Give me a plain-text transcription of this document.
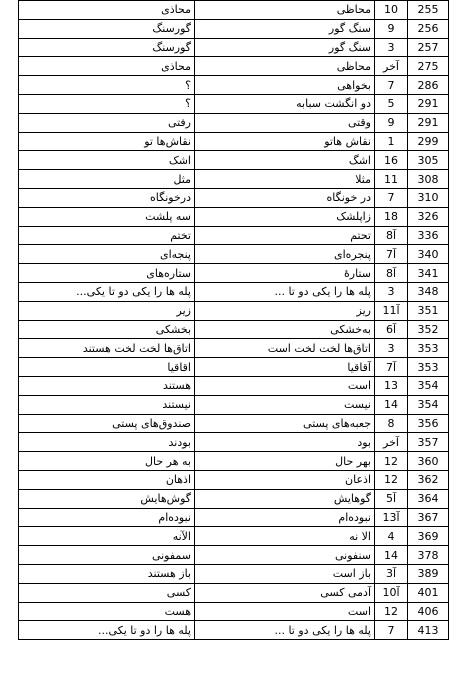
محاذی	محاظی	10	255
گورسنگ	سنگ گور	9	256
گورسنگ	سنگ گور	3	257
محاذی	محاظی	آخر	275
؟	بخواهی	7	286
؟	دو انگشت سبابه	5	291
رفتی	وقتی	9	291
نقاش‌ها تو	نقاش هاتو	1	299
اشک	اشگ	16	305
مثل	مثلا	11	308
درخونگاه	در خونگاه	7	310
سه پلشت	زاپلشک	18	326
تختم	تحتم	8آ	336
پنجه‌ای	پنجره‌ای	7آ	340
ستاره‌های	ستارۀ	8آ	341
پله ها را یکی دو تا یکی...	پله ها را یکی دو تا ...	3	348
زیر	ریز	11آ	351
بخشکی	به‌خشکی	6آ	352
اتاق‌ها لخت لخت هستند	اتاق‌ها لخت لخت است	3	353
اقاقیا	آقاقیا	7آ	353
هستند	است	13	354
نیستند	نیست	14	354
صندوق‌های پستی	جعبه‌های پستی	8	356
بودند	بود	آخر	357
به هر حال	بهر حال	12	360
اذهان	اذعان	12	362
گوش‌هایش	گوهایش	5آ	364
نبوده‌ام	نبوده‌ام	13آ	367
الآنه	الا نه	4	369
سمفونی	سنفونی	14	378
باز هستند	باز است	3آ	389
کسی	آدمی کسی	10آ	401
هست	است	12	406
پله ها را دو تا یکی...	پله ها را یکی دو تا ...	7	413
